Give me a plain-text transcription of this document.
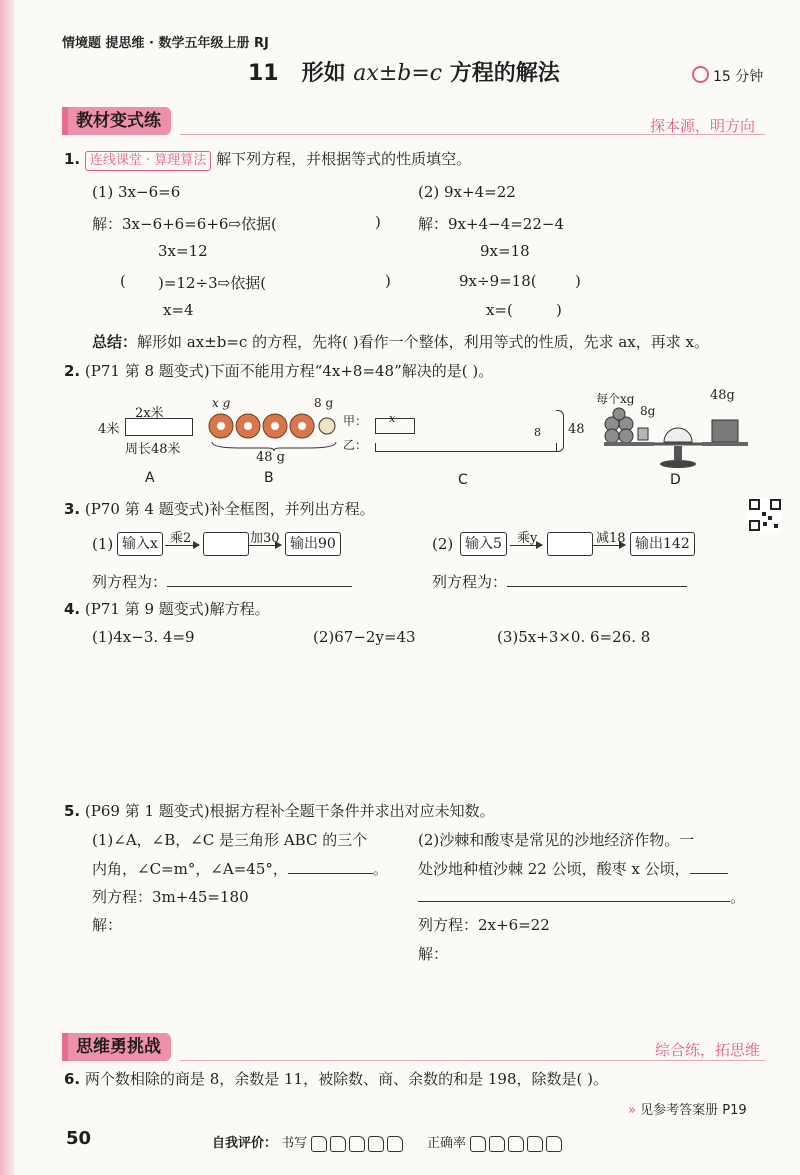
情境题 提思维 · 数学五年级上册 RJ
11 形如 ax±b=c 方程的解法	15 分钟
教材变式练	探本源，明方向
1. 连线课堂 · 算理算法 解下列方程，并根据等式的性质填空。
(1) 3x−6=6
解：3x−6+6=6+6⇨依据(	)
3x=12
( )=12÷3⇨依据(	)
x=4
(2) 9x+4=22
解：9x+4−4=22−4
9x=18
9x÷9=18(	)
x=(	)
总结：解形如 ax±b=c 的方程，先将( )看作一个整体，利用等式的性质，先求 ax，再求 x。
2. (P71 第 8 题变式)下面不能用方程“4x+8=48”解决的是( )。
2x米
4米
周长48米
A
x g	8 g
48 g
B
甲：
乙：
x
8 48
C
每个xg
8g
48g
D
3. (P70 第 4 题变式)补全框图，并列出方程。
(1) 输入x 乘2	加30 输出90	(2) 输入5	乘y	减18 输出142
列方程为：	列方程为：
4. (P71 第 9 题变式)解方程。
(1)4x−3. 4=9	(2)67−2y=43	(3)5x+3×0. 6=26. 8
5. (P69 第 1 题变式)根据方程补全题干条件并求出对应未知数。
(1)∠A，∠B，∠C 是三角形 ABC 的三个
内角，∠C=m°，∠A=45°，	。
列方程：3m+45=180
解：
(2)沙棘和酸枣是常见的沙地经济作物。一
处沙地种植沙棘 22 公顷，酸枣 x 公顷，
。
列方程：2x+6=22
解：
思维勇挑战	综合练，拓思维
6. 两个数相除的商是 8，余数是 11，被除数、商、余数的和是 198，除数是( )。
» 见参考答案册 P19
50	自我评价： 书写	正确率
